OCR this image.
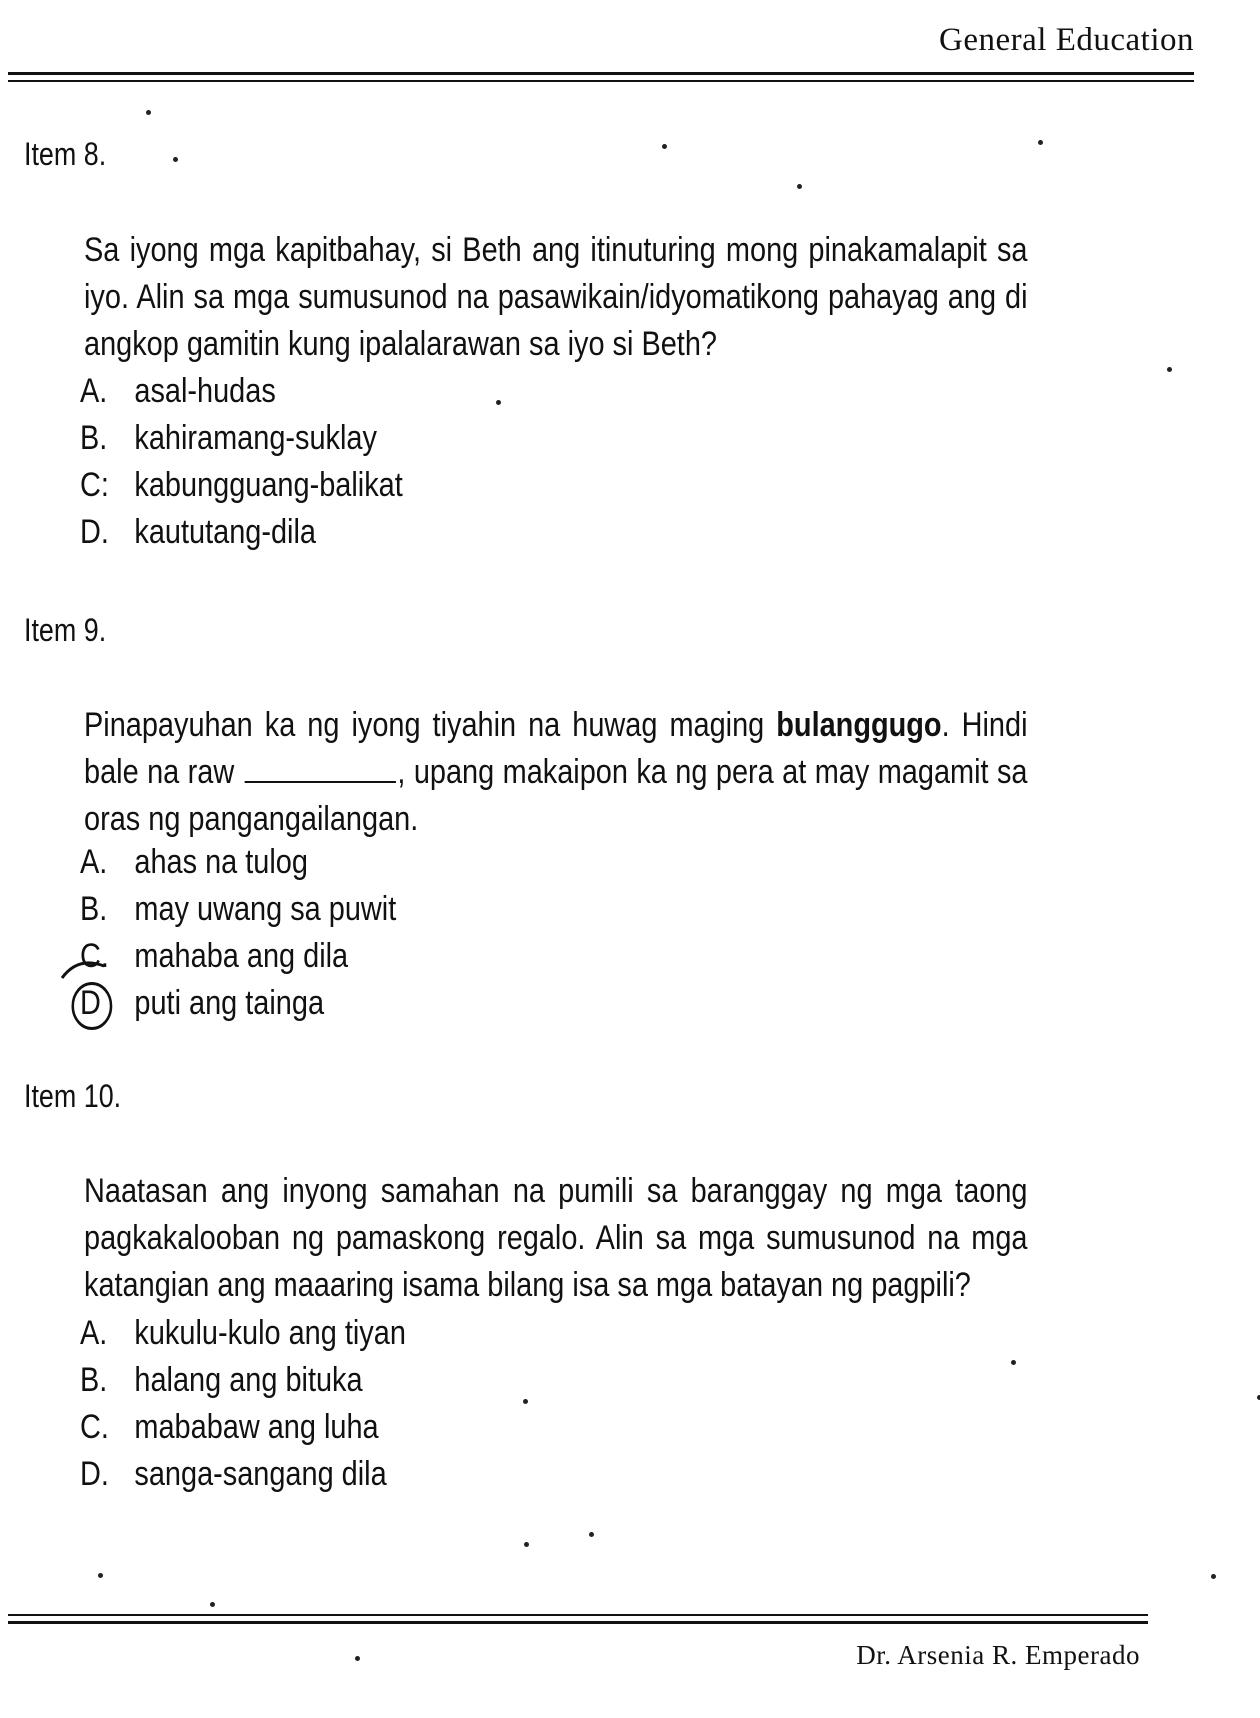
General Education
Item 8.
Sa iyong mga kapitbahay, si Beth ang itinuturing mong pinakamalapit sa iyo. Alin sa mga sumusunod na pasawikain/idyomatikong pahayag ang di angkop gamitin kung ipalalarawan sa iyo si Beth?
A. asal-hudas
B. kahiramang-suklay
C: kabungguang-balikat
D. kaututang-dila
Item 9.
Pinapayuhan ka ng iyong tiyahin na huwag maging bulanggugo. Hindi bale na raw	, upang makaipon ka ng pera at may magamit sa oras ng pangangailangan.
A. ahas na tulog
B. may uwang sa puwit
C. mahaba ang dila
D puti ang tainga
Item 10.
Naatasan ang inyong samahan na pumili sa baranggay ng mga taong pagkakalooban ng pamaskong regalo. Alin sa mga sumusunod na mga katangian ang maaaring isama bilang isa sa mga batayan ng pagpili?
A. kukulu-kulo ang tiyan
B. halang ang bituka
C. mababaw ang luha
D. sanga-sangang dila
Dr. Arsenia R. Emperado
